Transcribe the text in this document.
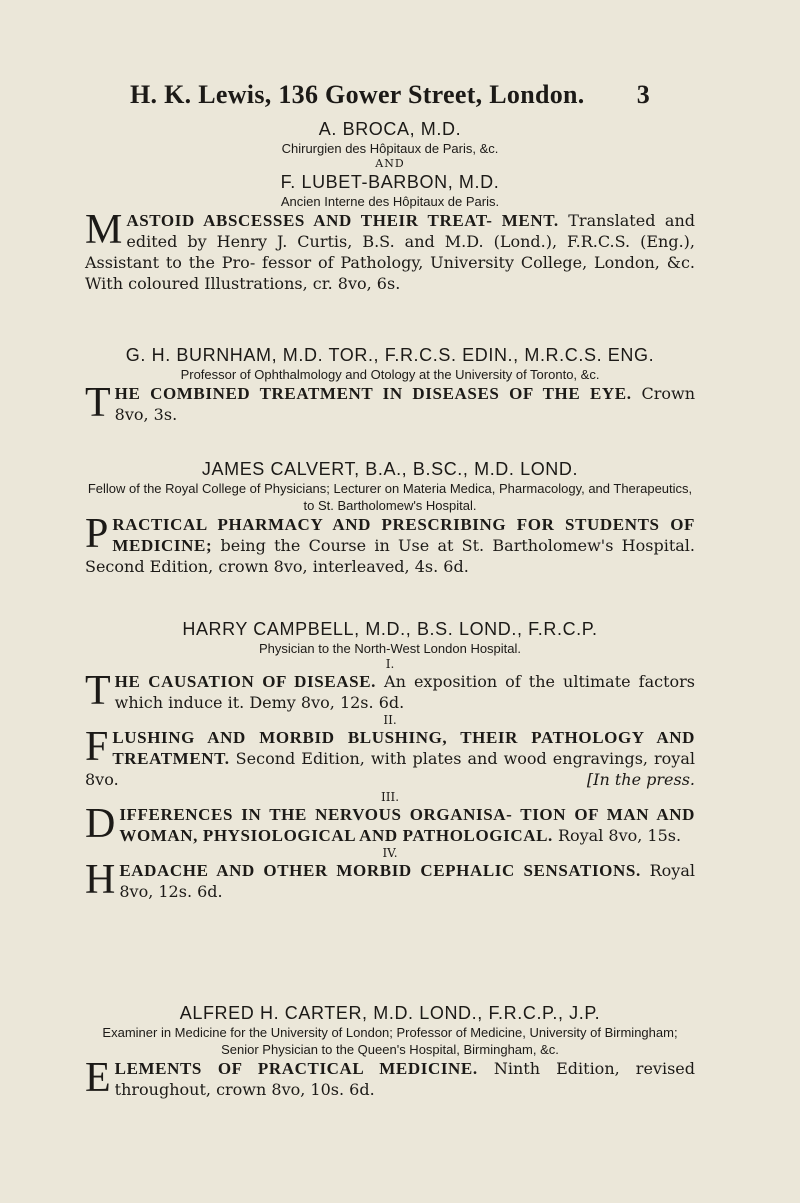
H. K. Lewis, 136 Gower Street, London. 3
A. BROCA, M.D.
Chirurgien des Hôpitaux de Paris, &c.
AND
F. LUBET-BARBON, M.D.
Ancien Interne des Hôpitaux de Paris.
MASTOID ABSCESSES AND THEIR TREAT- MENT. Translated and edited by Henry J. Curtis, B.S. and M.D. (Lond.), F.R.C.S. (Eng.), Assistant to the Pro- fessor of Pathology, University College, London, &c. With coloured Illustrations, cr. 8vo, 6s.
G. H. BURNHAM, M.D. TOR., F.R.C.S. EDIN., M.R.C.S. ENG.
Professor of Ophthalmology and Otology at the University of Toronto, &c.
THE COMBINED TREATMENT IN DISEASES OF THE EYE. Crown 8vo, 3s.
JAMES CALVERT, B.A., B.SC., M.D. LOND.
Fellow of the Royal College of Physicians; Lecturer on Materia Medica, Pharmacology, and Therapeutics, to St. Bartholomew's Hospital.
PRACTICAL PHARMACY AND PRESCRIBING FOR STUDENTS OF MEDICINE; being the Course in Use at St. Bartholomew's Hospital. Second Edition, crown 8vo, interleaved, 4s. 6d.
HARRY CAMPBELL, M.D., B.S. LOND., F.R.C.P.
Physician to the North-West London Hospital.
I.
THE CAUSATION OF DISEASE. An exposition of the ultimate factors which induce it. Demy 8vo, 12s. 6d.
II.
FLUSHING AND MORBID BLUSHING, THEIR PATHOLOGY AND TREATMENT. Second Edition, with plates and wood engravings, royal 8vo.	[In the press.
III.
DIFFERENCES IN THE NERVOUS ORGANISA- TION OF MAN AND WOMAN, PHYSIOLOGICAL AND PATHOLOGICAL. Royal 8vo, 15s.
IV.
HEADACHE AND OTHER MORBID CEPHALIC SENSATIONS. Royal 8vo, 12s. 6d.
ALFRED H. CARTER, M.D. LOND., F.R.C.P., J.P.
Examiner in Medicine for the University of London; Professor of Medicine, University of Birmingham; Senior Physician to the Queen's Hospital, Birmingham, &c.
ELEMENTS OF PRACTICAL MEDICINE. Ninth Edition, revised throughout, crown 8vo, 10s. 6d.
